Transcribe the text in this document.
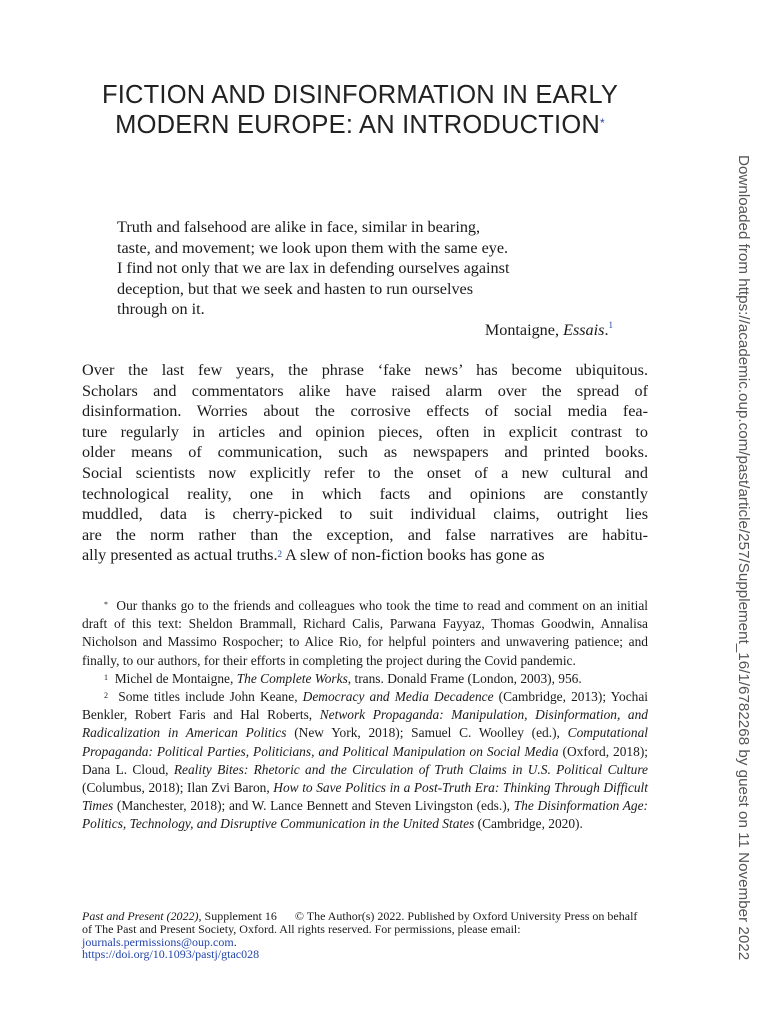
FICTION AND DISINFORMATION IN EARLY
MODERN EUROPE: AN INTRODUCTION*
Truth and falsehood are alike in face, similar in bearing,
taste, and movement; we look upon them with the same eye.
I find not only that we are lax in defending ourselves against
deception, but that we seek and hasten to run ourselves
through on it.
Montaigne, Essais.$^1$
Over the last few years, the phrase ‘fake news’ has become ubiquitous.
Scholars and commentators alike have raised alarm over the spread of
disinformation. Worries about the corrosive effects of social media fea-
ture regularly in articles and opinion pieces, often in explicit contrast to
older means of communication, such as newspapers and printed books.
Social scientists now explicitly refer to the onset of a new cultural and
technological reality, one in which facts and opinions are constantly
muddled, data is cherry-picked to suit individual claims, outright lies
are the norm rather than the exception, and false narratives are habitu-
ally presented as actual truths.$^2$ A slew of non-fiction books has gone as

* Our thanks go to the friends and colleagues who took the time to read and comment on an initial draft of this text: Sheldon Brammall, Richard Calis, Parwana Fayyaz, Thomas Goodwin, Annalisa Nicholson and Massimo Rospocher; to Alice Rio, for helpful pointers and unwavering patience; and finally, to our authors, for their efforts in completing the project during the Covid pandemic.

$^1$ Michel de Montaigne, The Complete Works, trans. Donald Frame (London, 2003), 956.

$^2$ Some titles include John Keane, Democracy and Media Decadence (Cambridge, 2013); Yochai Benkler, Robert Faris and Hal Roberts, Network Propaganda: Manipulation, Disinformation, and Radicalization in American Politics (New York, 2018); Samuel C. Woolley (ed.), Computational Propaganda: Political Parties, Politicians, and Political Manipulation on Social Media (Oxford, 2018); Dana L. Cloud, Reality Bites: Rhetoric and the Circulation of Truth Claims in U.S. Political Culture (Columbus, 2018); Ilan Zvi Baron, How to Save Politics in a Post-Truth Era: Thinking Through Difficult Times (Manchester, 2018); and W. Lance Bennett and Steven Livingston (eds.), The Disinformation Age: Politics, Technology, and Disruptive Communication in the United States (Cambridge, 2020).

Past and Present (2022), Supplement 16 © The Author(s) 2022. Published by Oxford University Press on behalf of The Past and Present Society, Oxford. All rights reserved. For permissions, please email: journals.permissions@oup.com.
https://doi.org/10.1093/pastj/gtac028	Downloaded from https://academic.oup.com/past/article/257/Supplement_16/1/6782268 by guest on 11 November 2022
